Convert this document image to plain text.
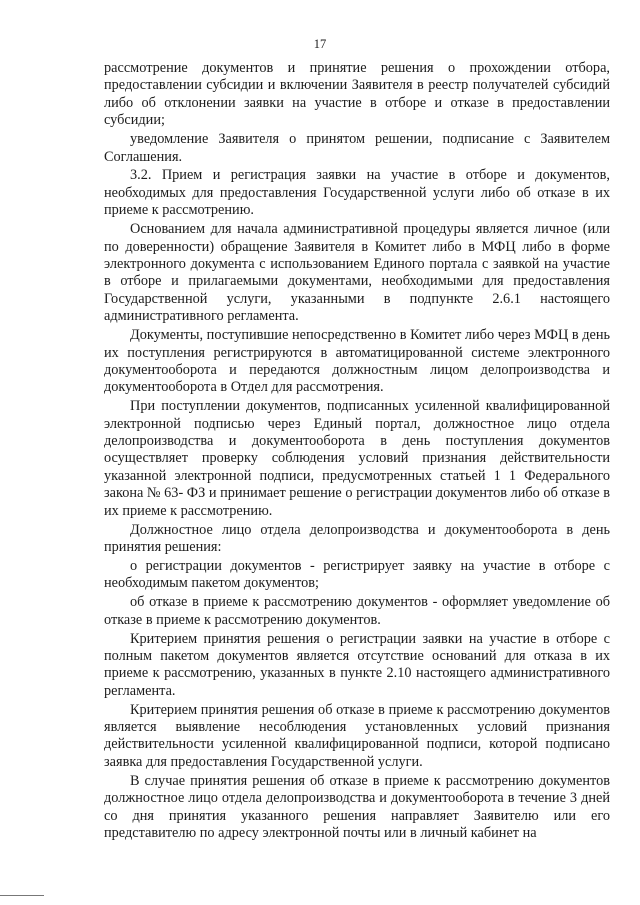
17

рассмотрение документов и принятие решения о прохождении отбора, предоставлении субсидии и включении Заявителя в реестр получателей субсидий либо об отклонении заявки на участие в отборе и отказе в предоставлении субсидии;

уведомление Заявителя о принятом решении, подписание с Заявителем Соглашения.

3.2. Прием и регистрация заявки на участие в отборе и документов, необходимых для предоставления Государственной услуги либо об отказе в их приеме к рассмотрению.

Основанием для начала административной процедуры является личное (или по доверенности) обращение Заявителя в Комитет либо в МФЦ либо в форме электронного документа с использованием Единого портала с заявкой на участие в отборе и прилагаемыми документами, необходимыми для предоставления Государственной услуги, указанными в подпункте 2.6.1 настоящего административного регламента.

Документы, поступившие непосредственно в Комитет либо через МФЦ в день их поступления регистрируются в автоматицированной системе электронного документооборота и передаются должностным лицом делопроизводства и документооборота в Отдел для рассмотрения.

При поступлении документов, подписанных усиленной квалифицированной электронной подписью через Единый портал, должностное лицо отдела делопроизводства и документооборота в день поступления документов осуществляет проверку соблюдения условий признания действительности указанной электронной подписи, предусмотренных статьей 1 1 Федерального закона № 63- ФЗ и принимает решение о регистрации документов либо об отказе в их приеме к рассмотрению.

Должностное лицо отдела делопроизводства и документооборота в день принятия решения:

о регистрации документов - регистрирует заявку на участие в отборе с необходимым пакетом документов;

об отказе в приеме к рассмотрению документов - оформляет уведомление об отказе в приеме к рассмотрению документов.

Критерием принятия решения о регистрации заявки на участие в отборе с полным пакетом документов является отсутствие оснований для отказа в их приеме к рассмотрению, указанных в пункте 2.10 настоящего административного регламента.

Критерием принятия решения об отказе в приеме к рассмотрению документов является выявление несоблюдения установленных условий признания действительности усиленной квалифицированной подписи, которой подписано заявка для предоставления Государственной услуги.

В случае принятия решения об отказе в приеме к рассмотрению документов должностное лицо отдела делопроизводства и документооборота в течение 3 дней со дня принятия указанного решения направляет Заявителю или его представителю по адресу электронной почты или в личный кабинет на
